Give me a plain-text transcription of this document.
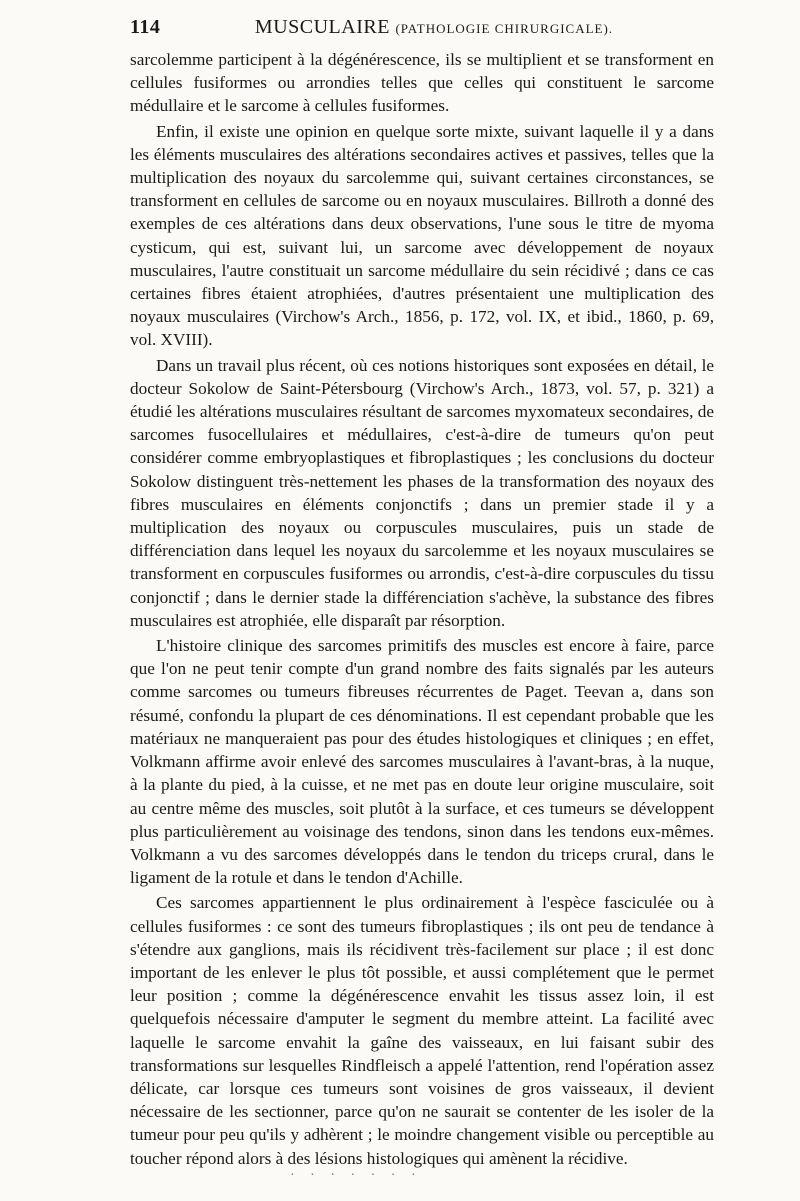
114	MUSCULAIRE (PATHOLOGIE CHIRURGICALE).

sarcolemme participent à la dégénérescence, ils se multiplient et se transforment en cellules fusiformes ou arrondies telles que celles qui constituent le sarcome médullaire et le sarcome à cellules fusiformes.

Enfin, il existe une opinion en quelque sorte mixte, suivant laquelle il y a dans les éléments musculaires des altérations secondaires actives et passives, telles que la multiplication des noyaux du sarcolemme qui, suivant certaines circonstances, se transforment en cellules de sarcome ou en noyaux musculaires. Billroth a donné des exemples de ces altérations dans deux observations, l'une sous le titre de myoma cysticum, qui est, suivant lui, un sarcome avec développement de noyaux musculaires, l'autre constituait un sarcome médullaire du sein récidivé ; dans ce cas certaines fibres étaient atrophiées, d'autres présentaient une multiplication des noyaux musculaires (Virchow's Arch., 1856, p. 172, vol. IX, et ibid., 1860, p. 69, vol. XVIII).

Dans un travail plus récent, où ces notions historiques sont exposées en détail, le docteur Sokolow de Saint-Pétersbourg (Virchow's Arch., 1873, vol. 57, p. 321) a étudié les altérations musculaires résultant de sarcomes myxomateux secondaires, de sarcomes fusocellulaires et médullaires, c'est-à-dire de tumeurs qu'on peut considérer comme embryoplastiques et fibroplastiques ; les conclusions du docteur Sokolow distinguent très-nettement les phases de la transformation des noyaux des fibres musculaires en éléments conjonctifs ; dans un premier stade il y a multiplication des noyaux ou corpuscules musculaires, puis un stade de différenciation dans lequel les noyaux du sarcolemme et les noyaux musculaires se transforment en corpuscules fusiformes ou arrondis, c'est-à-dire corpuscules du tissu conjonctif ; dans le dernier stade la différenciation s'achève, la substance des fibres musculaires est atrophiée, elle disparaît par résorption.

L'histoire clinique des sarcomes primitifs des muscles est encore à faire, parce que l'on ne peut tenir compte d'un grand nombre des faits signalés par les auteurs comme sarcomes ou tumeurs fibreuses récurrentes de Paget. Teevan a, dans son résumé, confondu la plupart de ces dénominations. Il est cependant probable que les matériaux ne manqueraient pas pour des études histologiques et cliniques ; en effet, Volkmann affirme avoir enlevé des sarcomes musculaires à l'avant-bras, à la nuque, à la plante du pied, à la cuisse, et ne met pas en doute leur origine musculaire, soit au centre même des muscles, soit plutôt à la surface, et ces tumeurs se développent plus particulièrement au voisinage des tendons, sinon dans les tendons eux-mêmes. Volkmann a vu des sarcomes développés dans le tendon du triceps crural, dans le ligament de la rotule et dans le tendon d'Achille.

Ces sarcomes appartiennent le plus ordinairement à l'espèce fasciculée ou à cellules fusiformes : ce sont des tumeurs fibroplastiques ; ils ont peu de tendance à s'étendre aux ganglions, mais ils récidivent très-facilement sur place ; il est donc important de les enlever le plus tôt possible, et aussi complétement que le permet leur position ; comme la dégénérescence envahit les tissus assez loin, il est quelquefois nécessaire d'amputer le segment du membre atteint. La facilité avec laquelle le sarcome envahit la gaîne des vaisseaux, en lui faisant subir des transformations sur lesquelles Rindfleisch a appelé l'attention, rend l'opération assez délicate, car lorsque ces tumeurs sont voisines de gros vaisseaux, il devient nécessaire de les sectionner, parce qu'on ne saurait se contenter de les isoler de la tumeur pour peu qu'ils y adhèrent ; le moindre changement visible ou perceptible au toucher répond alors à des lésions histologiques qui amènent la récidive.

· · · · · · ·
